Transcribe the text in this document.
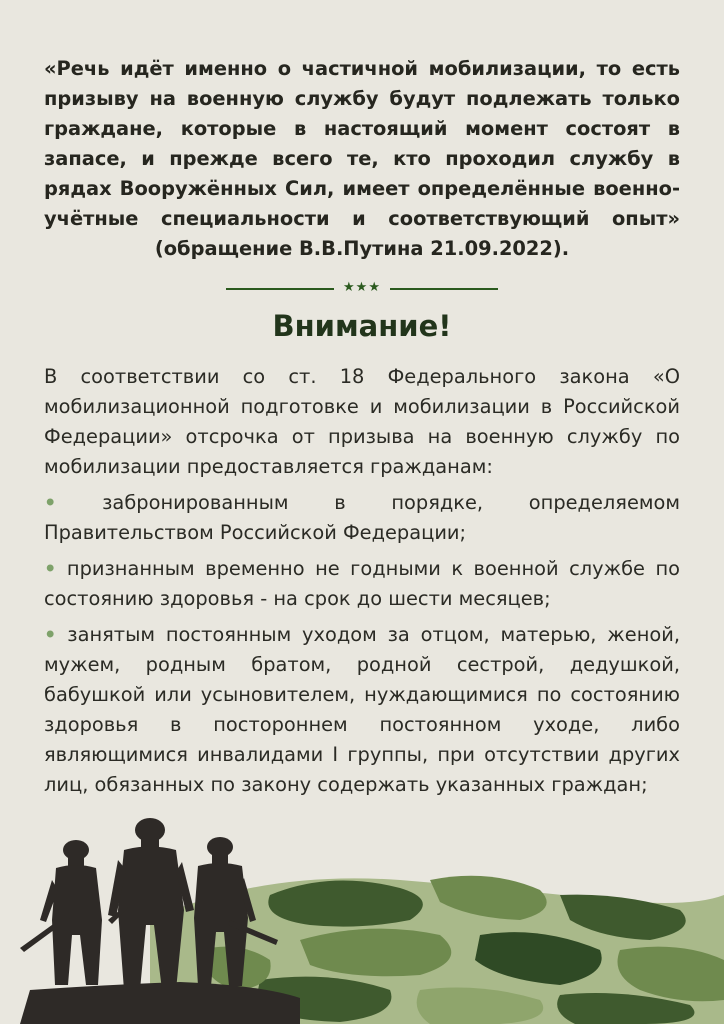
«Речь идёт именно о частичной мобилизации, то есть призыву на военную службу будут подлежать только граждане, которые в настоящий момент состоят в запасе, и прежде всего те, кто проходил службу в рядах Вооружённых Сил, имеет определённые военно-учётные специальности и соответствующий опыт» (обращение В.В.Путина 21.09.2022).

★★★
Внимание!
В соответствии со ст. 18 Федерального закона «О мобилизационной подготовке и мобилизации в Российской Федерации» отсрочка от призыва на военную службу по мобилизации предоставляется гражданам:
• забронированным в порядке, определяемом Правительством Российской Федерации;
• признанным временно не годными к военной службе по состоянию здоровья - на срок до шести месяцев;
• занятым постоянным уходом за отцом, матерью, женой, мужем, родным братом, родной сестрой, дедушкой, бабушкой или усыновителем, нуждающимися по состоянию здоровья в постороннем постоянном уходе, либо являющимися инвалидами I группы, при отсутствии других лиц, обязанных по закону содержать указанных граждан;
